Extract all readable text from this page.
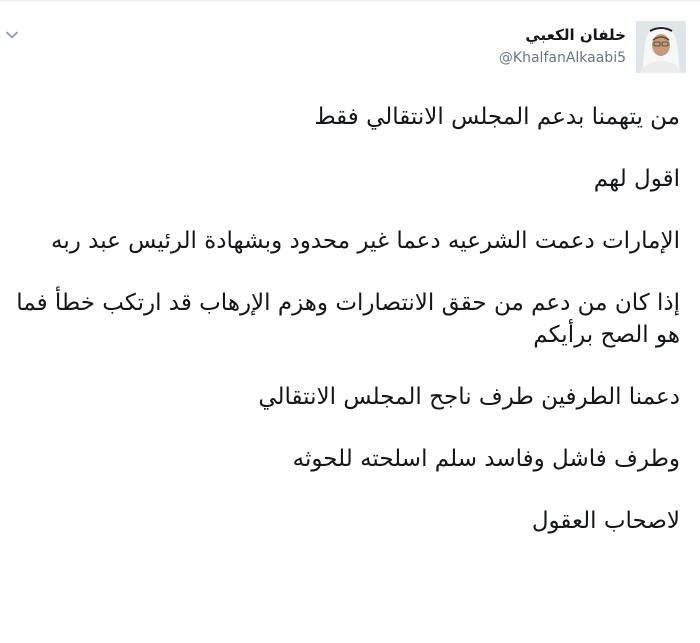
خلفان الكعبي
@KhalfanAlkaabi5

من يتهمنا بدعم المجلس الانتقالي فقط

اقول لهم

الإمارات دعمت الشرعيه دعما غير محدود وبشهادة الرئيس عبد ربه

إذا كان من دعم من حقق الانتصارات وهزم الإرهاب قد ارتكب خطأ فما هو الصح برأيكم

دعمنا الطرفين طرف ناجح المجلس الانتقالي

وطرف فاشل وفاسد سلم اسلحته للحوثه

لاصحاب العقول
